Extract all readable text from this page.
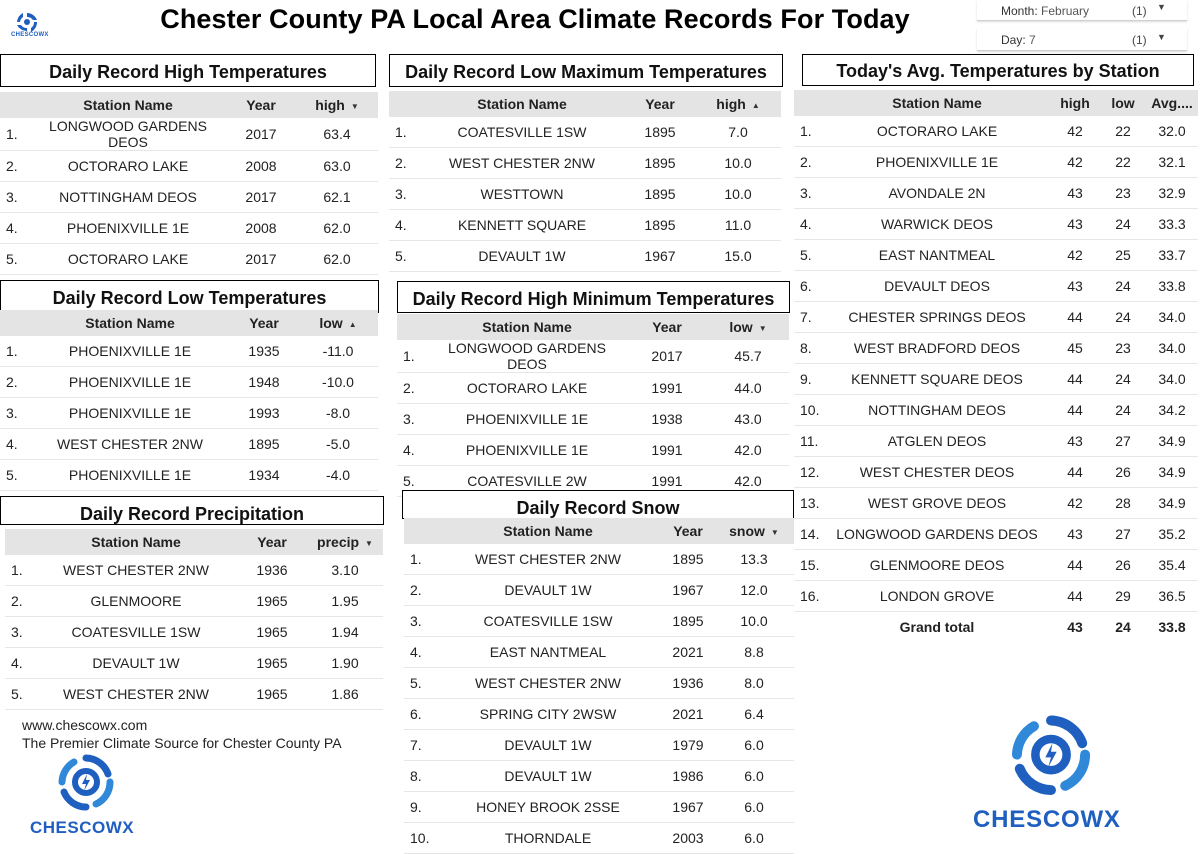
Chester County PA Local Area Climate Records For Today
CHESCOWX
Month: February	(1) ▼
Day: 7	(1) ▼
Daily Record High Temperatures
	Station Name	Year	high ▼
1.	LONGWOOD GARDENS DEOS	2017	63.4
2.	OCTORARO LAKE	2008	63.0
3.	NOTTINGHAM DEOS	2017	62.1
4.	PHOENIXVILLE 1E	2008	62.0
5.	OCTORARO LAKE	2017	62.0
Daily Record Low Temperatures
	Station Name	Year	low ▲
1.	PHOENIXVILLE 1E	1935	-11.0
2.	PHOENIXVILLE 1E	1948	-10.0
3.	PHOENIXVILLE 1E	1993	-8.0
4.	WEST CHESTER 2NW	1895	-5.0
5.	PHOENIXVILLE 1E	1934	-4.0
Daily Record Precipitation
	Station Name	Year	precip ▼
1.	WEST CHESTER 2NW	1936	3.10
2.	GLENMOORE	1965	1.95
3.	COATESVILLE 1SW	1965	1.94
4.	DEVAULT 1W	1965	1.90
5.	WEST CHESTER 2NW	1965	1.86
Daily Record Low Maximum Temperatures
	Station Name	Year	high ▲
1.	COATESVILLE 1SW	1895	7.0
2.	WEST CHESTER 2NW	1895	10.0
3.	WESTTOWN	1895	10.0
4.	KENNETT SQUARE	1895	11.0
5.	DEVAULT 1W	1967	15.0
Daily Record High Minimum Temperatures
	Station Name	Year	low ▼
1.	LONGWOOD GARDENS DEOS	2017	45.7
2.	OCTORARO LAKE	1991	44.0
3.	PHOENIXVILLE 1E	1938	43.0
4.	PHOENIXVILLE 1E	1991	42.0
5.	COATESVILLE 2W	1991	42.0
Daily Record Snow
	Station Name	Year	snow ▼
1.	WEST CHESTER 2NW	1895	13.3
2.	DEVAULT 1W	1967	12.0
3.	COATESVILLE 1SW	1895	10.0
4.	EAST NANTMEAL	2021	8.8
5.	WEST CHESTER 2NW	1936	8.0
6.	SPRING CITY 2WSW	2021	6.4
7.	DEVAULT 1W	1979	6.0
8.	DEVAULT 1W	1986	6.0
9.	HONEY BROOK 2SSE	1967	6.0
10.	THORNDALE	2003	6.0
Today's Avg. Temperatures by Station
	Station Name	high	low	Avg....
1.	OCTORARO LAKE	42	22	32.0
2.	PHOENIXVILLE 1E	42	22	32.1
3.	AVONDALE 2N	43	23	32.9
4.	WARWICK DEOS	43	24	33.3
5.	EAST NANTMEAL	42	25	33.7
6.	DEVAULT DEOS	43	24	33.8
7.	CHESTER SPRINGS DEOS	44	24	34.0
8.	WEST BRADFORD DEOS	45	23	34.0
9.	KENNETT SQUARE DEOS	44	24	34.0
10.	NOTTINGHAM DEOS	44	24	34.2
11.	ATGLEN DEOS	43	27	34.9
12.	WEST CHESTER DEOS	44	26	34.9
13.	WEST GROVE DEOS	42	28	34.9
14.	LONGWOOD GARDENS DEOS	43	27	35.2
15.	GLENMOORE DEOS	44	26	35.4
16.	LONDON GROVE	44	29	36.5
	Grand total	43	24	33.8
www.chescowx.com
The Premier Climate Source for Chester County PA
CHESCOWX	CHESCOWX
